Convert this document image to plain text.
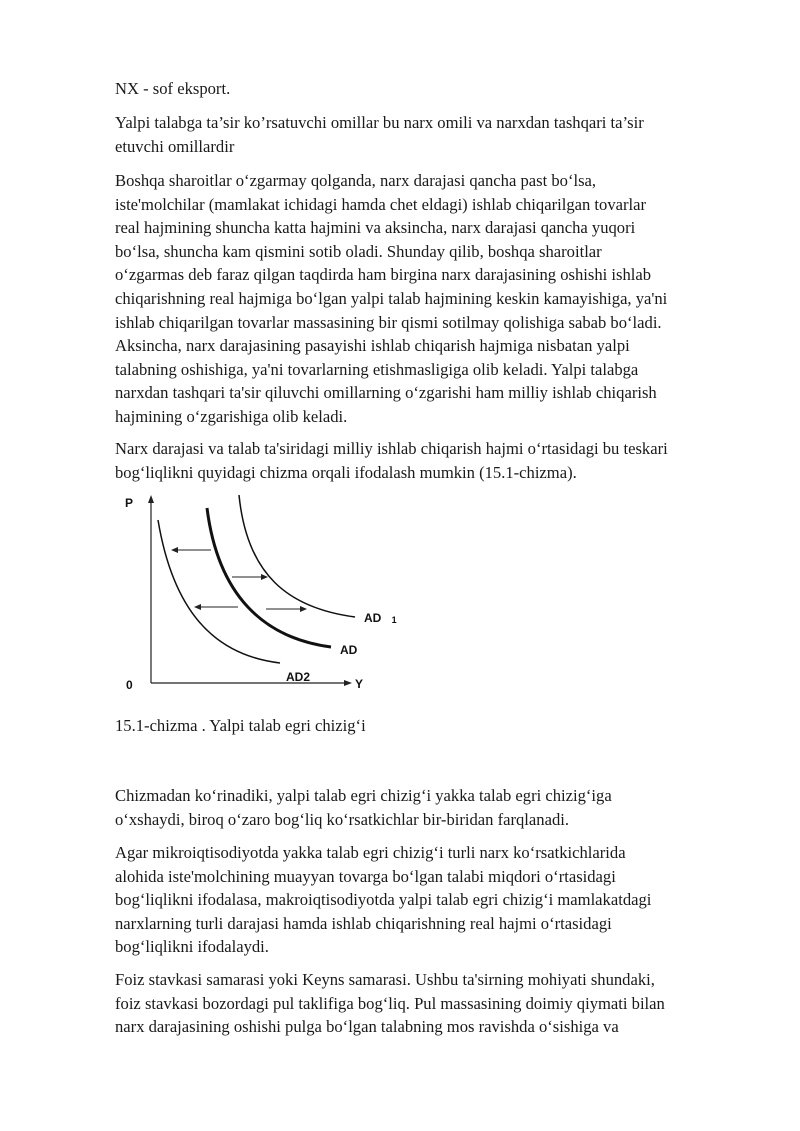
NX - sof eksport.
Yalpi talabga ta’sir ko’rsatuvchi omillar bu narx omili va narxdan tashqari ta’sir
etuvchi omillardir
Boshqa sharoitlar oʻzgarmay qolganda, narx darajasi qancha past boʻlsa,
iste'molchilar (mamlakat ichidagi hamda chet eldagi) ishlab chiqarilgan tovarlar
real hajmining shuncha katta hajmini va aksincha, narx darajasi qancha yuqori
boʻlsa, shuncha kam qismini sotib oladi. Shunday qilib, boshqa sharoitlar
oʻzgarmas deb faraz qilgan taqdirda ham birgina narx darajasining oshishi ishlab
chiqarishning real hajmiga boʻlgan yalpi talab hajmining keskin kamayishiga, ya'ni
ishlab chiqarilgan tovarlar massasining bir qismi sotilmay qolishiga sabab boʻladi.
Aksincha, narx darajasining pasayishi ishlab chiqarish hajmiga nisbatan yalpi
talabning oshishiga, ya'ni tovarlarning etishmasligiga olib keladi. Yalpi talabga
narxdan tashqari ta'sir qiluvchi omillarning oʻzgarishi ham milliy ishlab chiqarish
hajmining oʻzgarishiga olib keladi.
Narx darajasi va talab ta'siridagi milliy ishlab chiqarish hajmi oʻrtasidagi bu teskari
bogʻliqlikni quyidagi chizma orqali ifodalash mumkin (15.1-chizma).
P
Y
0
AD 1
AD
AD2
15.1-chizma . Yalpi talab egri chizigʻi
Chizmadan koʻrinadiki, yalpi talab egri chizigʻi yakka talab egri chizigʻiga
oʻxshaydi, biroq oʻzaro bogʻliq koʻrsatkichlar bir-biridan farqlanadi.
Agar mikroiqtisodiyotda yakka talab egri chizigʻi turli narx koʻrsatkichlarida
alohida iste'molchining muayyan tovarga boʻlgan talabi miqdori oʻrtasidagi
bogʻliqlikni ifodalasa, makroiqtisodiyotda yalpi talab egri chizigʻi mamlakatdagi
narxlarning turli darajasi hamda ishlab chiqarishning real hajmi oʻrtasidagi
bogʻliqlikni ifodalaydi.
Foiz stavkasi samarasi yoki Keyns samarasi. Ushbu ta'sirning mohiyati shundaki,
foiz stavkasi bozordagi pul taklifiga bogʻliq. Pul massasining doimiy qiymati bilan
narx darajasining oshishi pulga boʻlgan talabning mos ravishda oʻsishiga va
